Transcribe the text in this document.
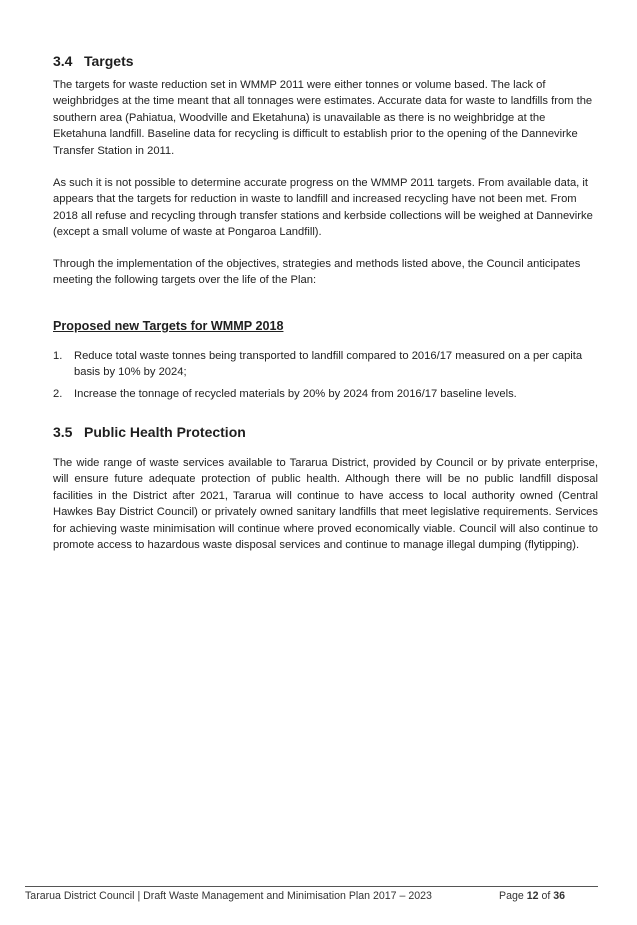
3.4 Targets

The targets for waste reduction set in WMMP 2011 were either tonnes or volume based. The lack of weighbridges at the time meant that all tonnages were estimates. Accurate data for waste to landfills from the southern area (Pahiatua, Woodville and Eketahuna) is unavailable as there is no weighbridge at the Eketahuna landfill. Baseline data for recycling is difficult to establish prior to the opening of the Dannevirke Transfer Station in 2011.

As such it is not possible to determine accurate progress on the WMMP 2011 targets. From available data, it appears that the targets for reduction in waste to landfill and increased recycling have not been met. From 2018 all refuse and recycling through transfer stations and kerbside collections will be weighed at Dannevirke (except a small volume of waste at Pongaroa Landfill).

Through the implementation of the objectives, strategies and methods listed above, the Council anticipates meeting the following targets over the life of the Plan:

Proposed new Targets for WMMP 2018
1. Reduce total waste tonnes being transported to landfill compared to 2016/17 measured on a per capita basis by 10% by 2024;
2. Increase the tonnage of recycled materials by 20% by 2024 from 2016/17 baseline levels.
3.5 Public Health Protection

The wide range of waste services available to Tararua District, provided by Council or by private enterprise, will ensure future adequate protection of public health. Although there will be no public landfill disposal facilities in the District after 2021, Tararua will continue to have access to local authority owned (Central Hawkes Bay District Council) or privately owned sanitary landfills that meet legislative requirements. Services for achieving waste minimisation will continue where proved economically viable. Council will also continue to promote access to hazardous waste disposal services and continue to manage illegal dumping (flytipping).

Tararua District Council | Draft Waste Management and Minimisation Plan 2017 – 2023	Page 12 of 36
